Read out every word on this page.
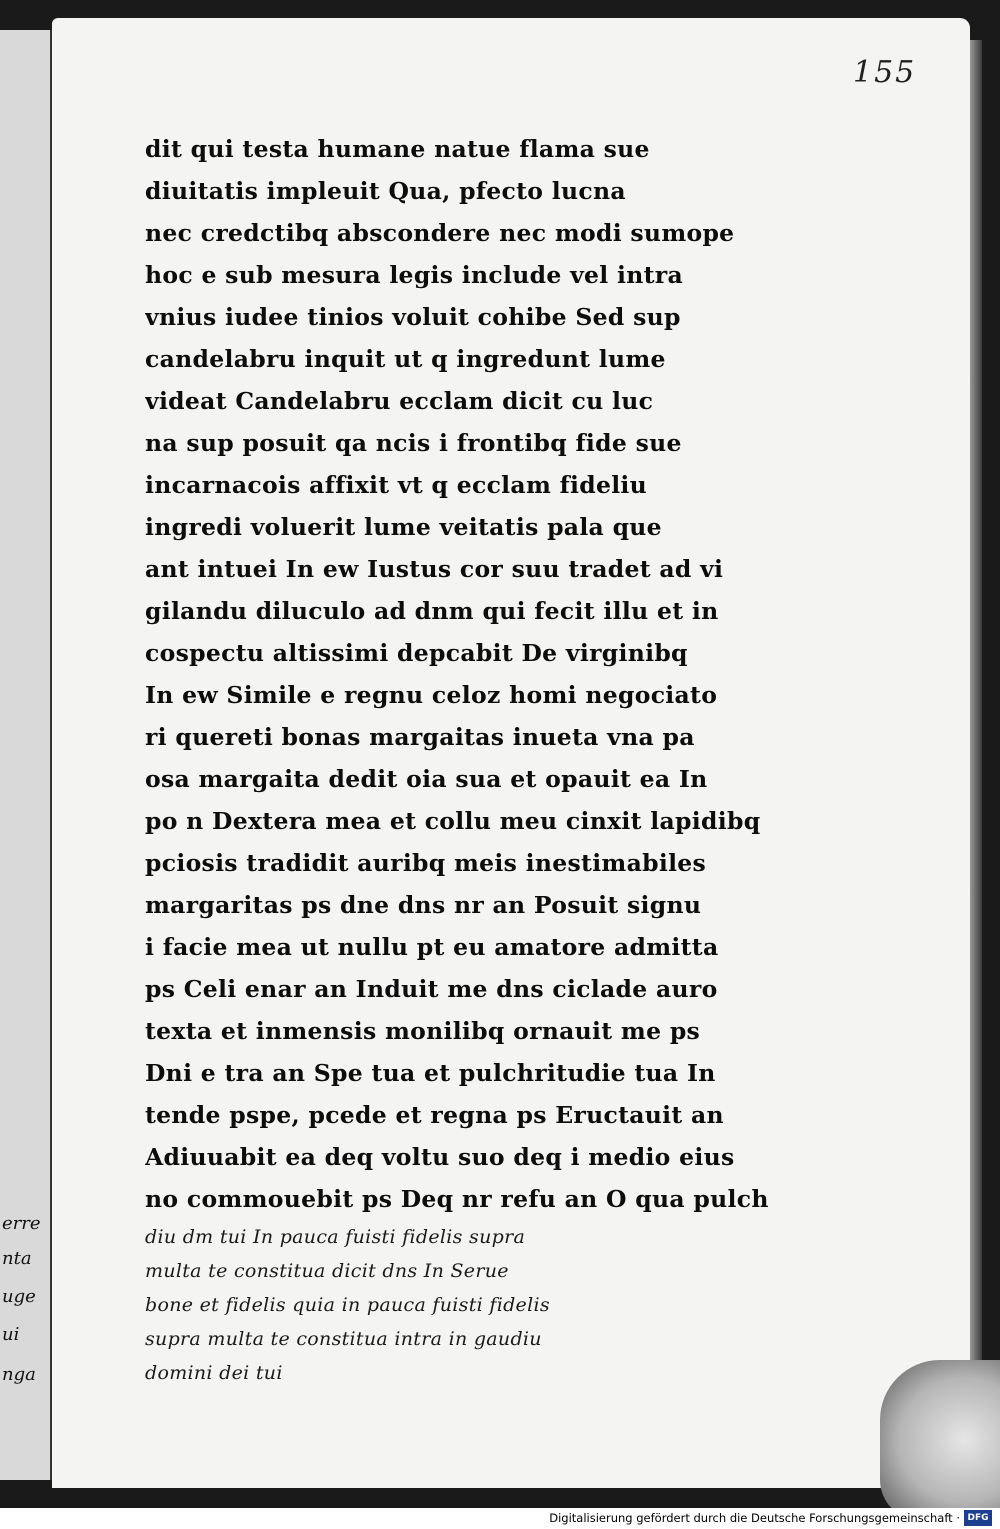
erre
nta
uge
ui
nga
155
dit qui testa humane natue flama sue
diuitatis impleuit Qua, pfecto lucna
nec credctibq abscondere nec modi sumope
hoc e sub mesura legis include vel intra
vnius iudee tinios voluit cohibe Sed sup
candelabru inquit ut q ingredunt lume
videat Candelabru ecclam dicit cu luc
na sup posuit qa ncis i frontibq fide sue
incarnacois affixit vt q ecclam fideliu
ingredi voluerit lume veitatis pala que
ant intuei In ew Iustus cor suu tradet ad vi
gilandu diluculo ad dnm qui fecit illu et in
cospectu altissimi depcabit De virginibq
In ew Simile e regnu celoz homi negociato
ri quereti bonas margaitas inueta vna pa
osa margaita dedit oia sua et opauit ea In
po n Dextera mea et collu meu cinxit lapidibq
pciosis tradidit auribq meis inestimabiles
margaritas ps dne dns nr an Posuit signu
i facie mea ut nullu pt eu amatore admitta
ps Celi enar an Induit me dns ciclade auro
texta et inmensis monilibq ornauit me ps
Dni e tra an Spe tua et pulchritudie tua In
tende pspe, pcede et regna ps Eructauit an
Adiuuabit ea deq voltu suo deq i medio eius
no commouebit ps Deq nr refu an O qua pulch
diu dm tui In pauca fuisti fidelis supra
multa te constitua dicit dns In Serue
bone et fidelis quia in pauca fuisti fidelis
supra multa te constitua intra in gaudiu
domini dei tui
Digitalisierung gefördert durch die Deutsche Forschungsgemeinschaft · DFG
